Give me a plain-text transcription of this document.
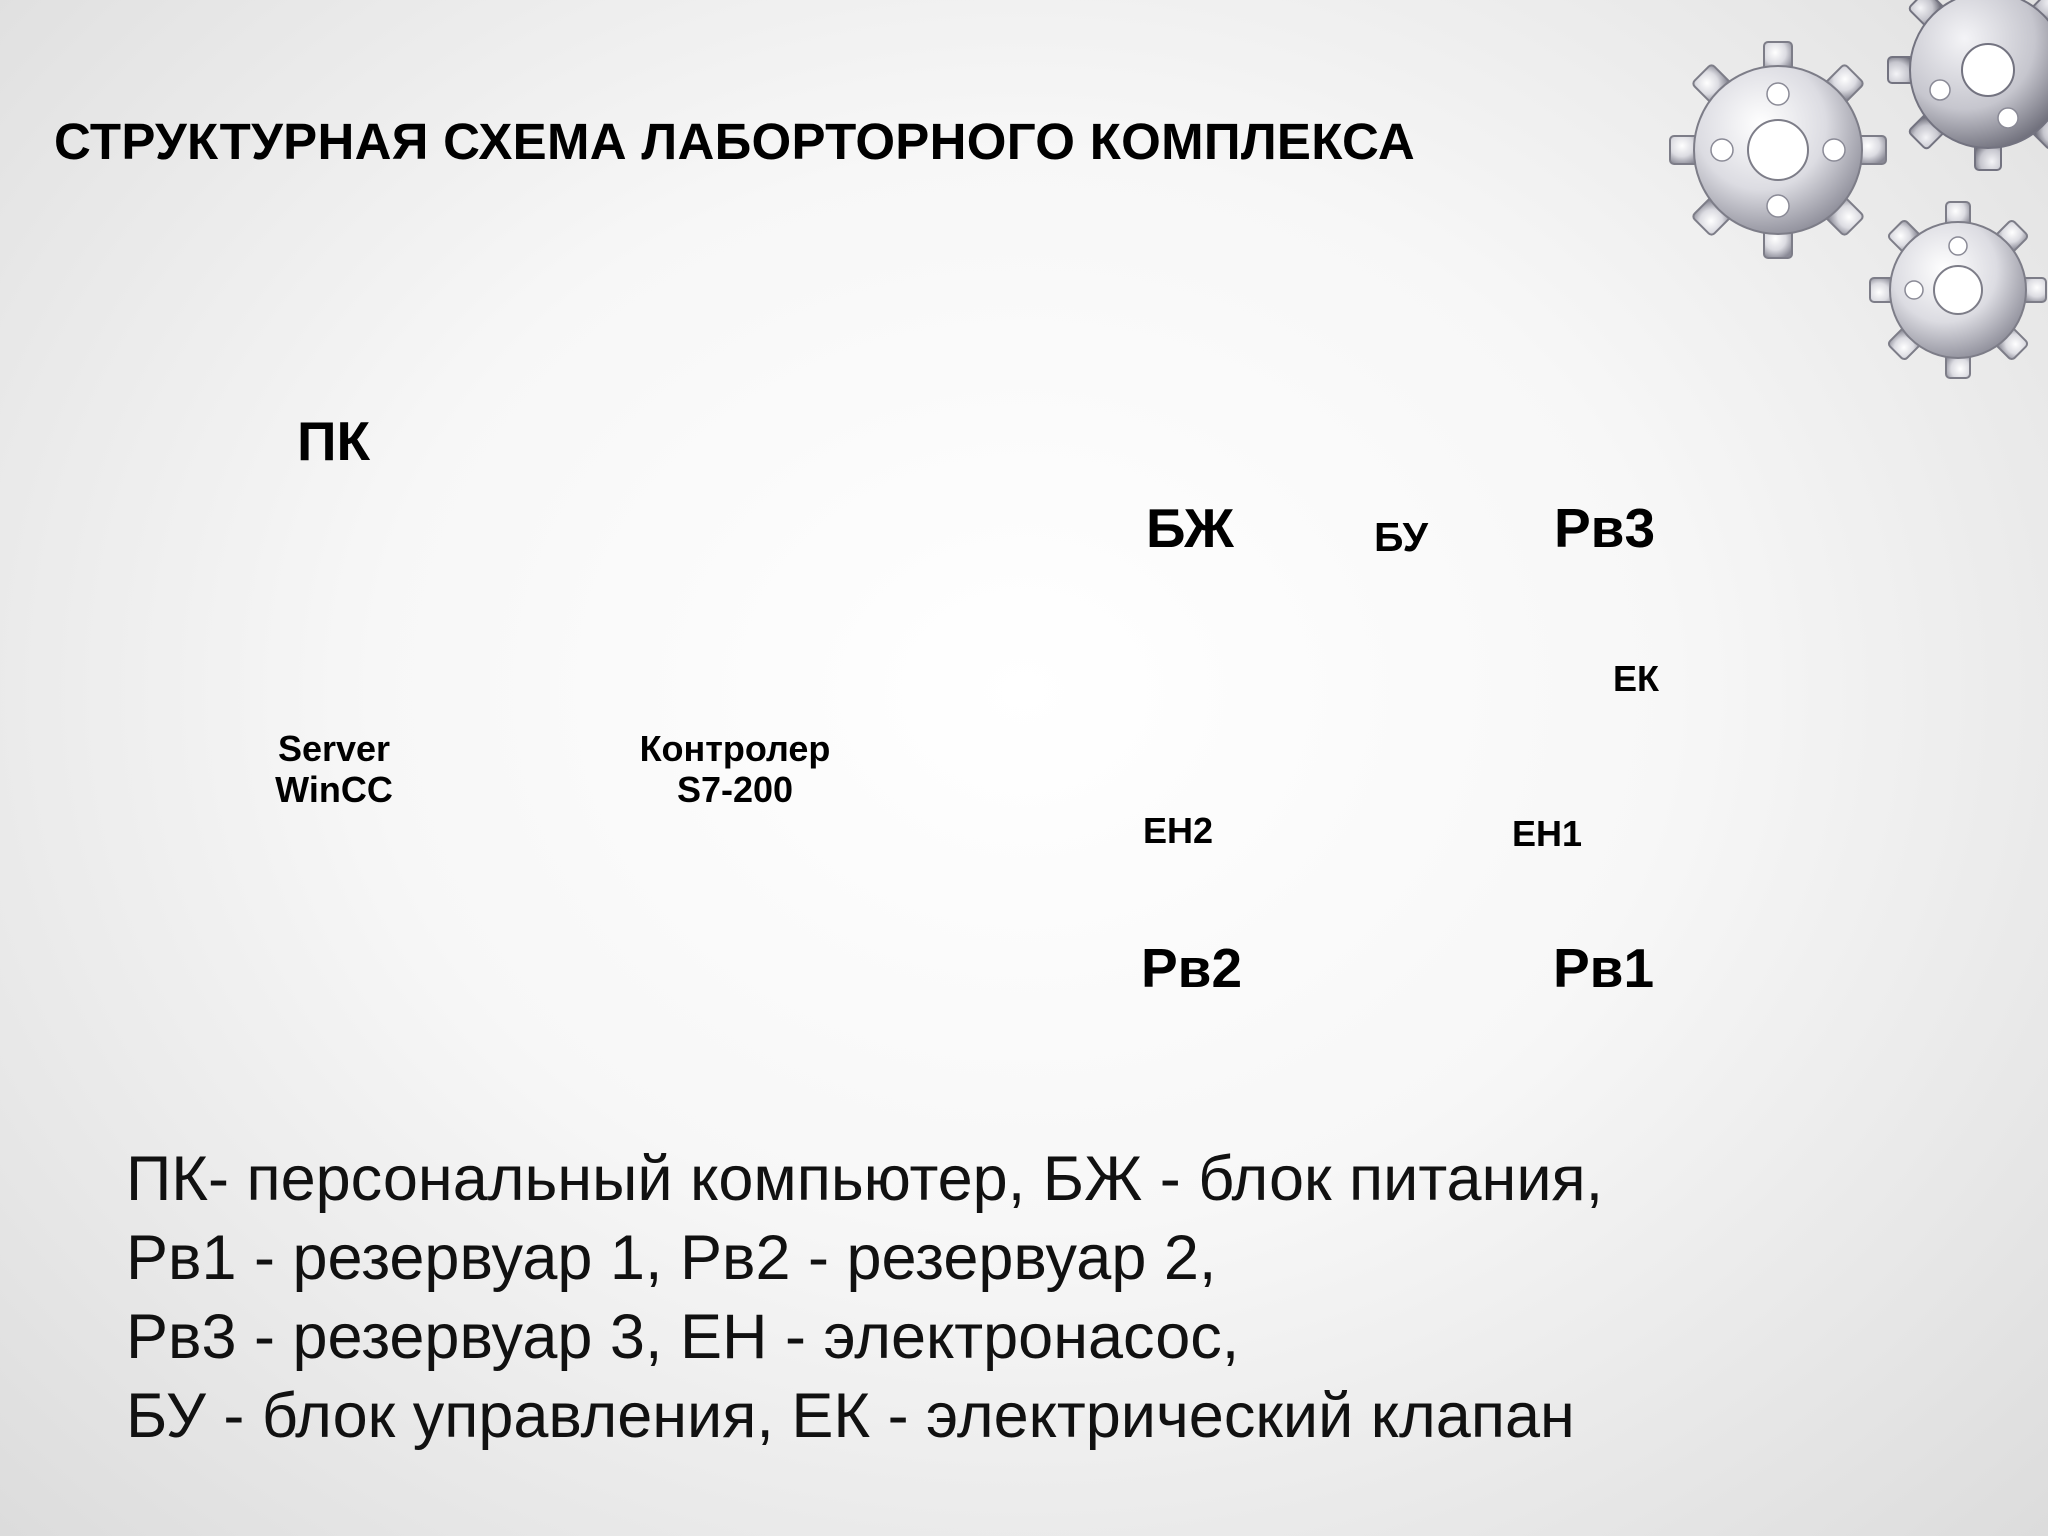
СТРУКТУРНАЯ СХЕМА ЛАБОРТОРНОГО КОМПЛЕКСА
ПК
БЖ	БУ Рв3
ЕК
Server
WinCC
Контролер
S7-200
ЕН2	ЕН1
Рв2	Рв1
ПК- персональный компьютер, БЖ - блок питания,
Рв1 - резервуар 1, Рв2 - резервуар 2,
Рв3 - резервуар 3, ЕН - электронасос,
БУ - блок управления, ЕК - электрический клапан
